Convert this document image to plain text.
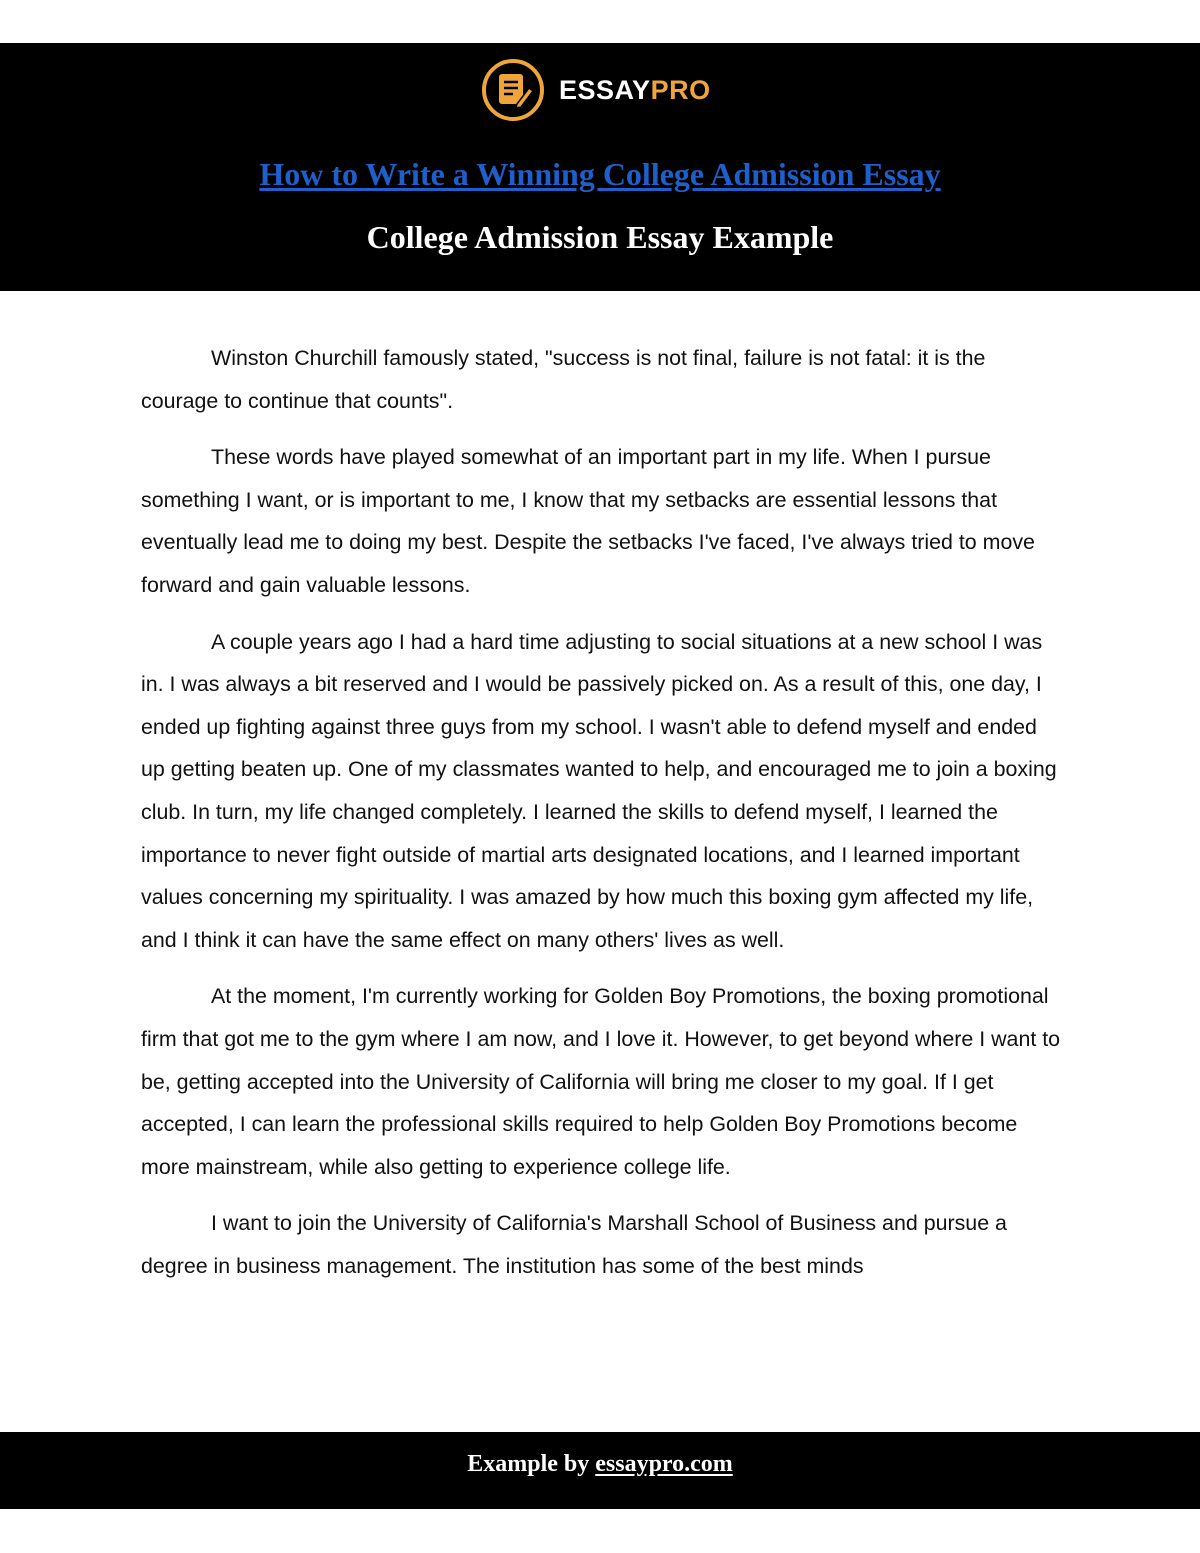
ESSAYPRO
How to Write a Winning College Admission Essay
College Admission Essay Example

Winston Churchill famously stated, "success is not final, failure is not fatal: it is the courage to continue that counts".

These words have played somewhat of an important part in my life. When I pursue something I want, or is important to me, I know that my setbacks are essential lessons that eventually lead me to doing my best. Despite the setbacks I've faced, I've always tried to move forward and gain valuable lessons.

A couple years ago I had a hard time adjusting to social situations at a new school I was in. I was always a bit reserved and I would be passively picked on. As a result of this, one day, I ended up fighting against three guys from my school. I wasn't able to defend myself and ended up getting beaten up. One of my classmates wanted to help, and encouraged me to join a boxing club. In turn, my life changed completely. I learned the skills to defend myself, I learned the importance to never fight outside of martial arts designated locations, and I learned important values concerning my spirituality. I was amazed by how much this boxing gym affected my life, and I think it can have the same effect on many others' lives as well.

At the moment, I'm currently working for Golden Boy Promotions, the boxing promotional firm that got me to the gym where I am now, and I love it. However, to get beyond where I want to be, getting accepted into the University of California will bring me closer to my goal. If I get accepted, I can learn the professional skills required to help Golden Boy Promotions become more mainstream, while also getting to experience college life.

I want to join the University of California's Marshall School of Business and pursue a degree in business management. The institution has some of the best minds

Example by essaypro.com
